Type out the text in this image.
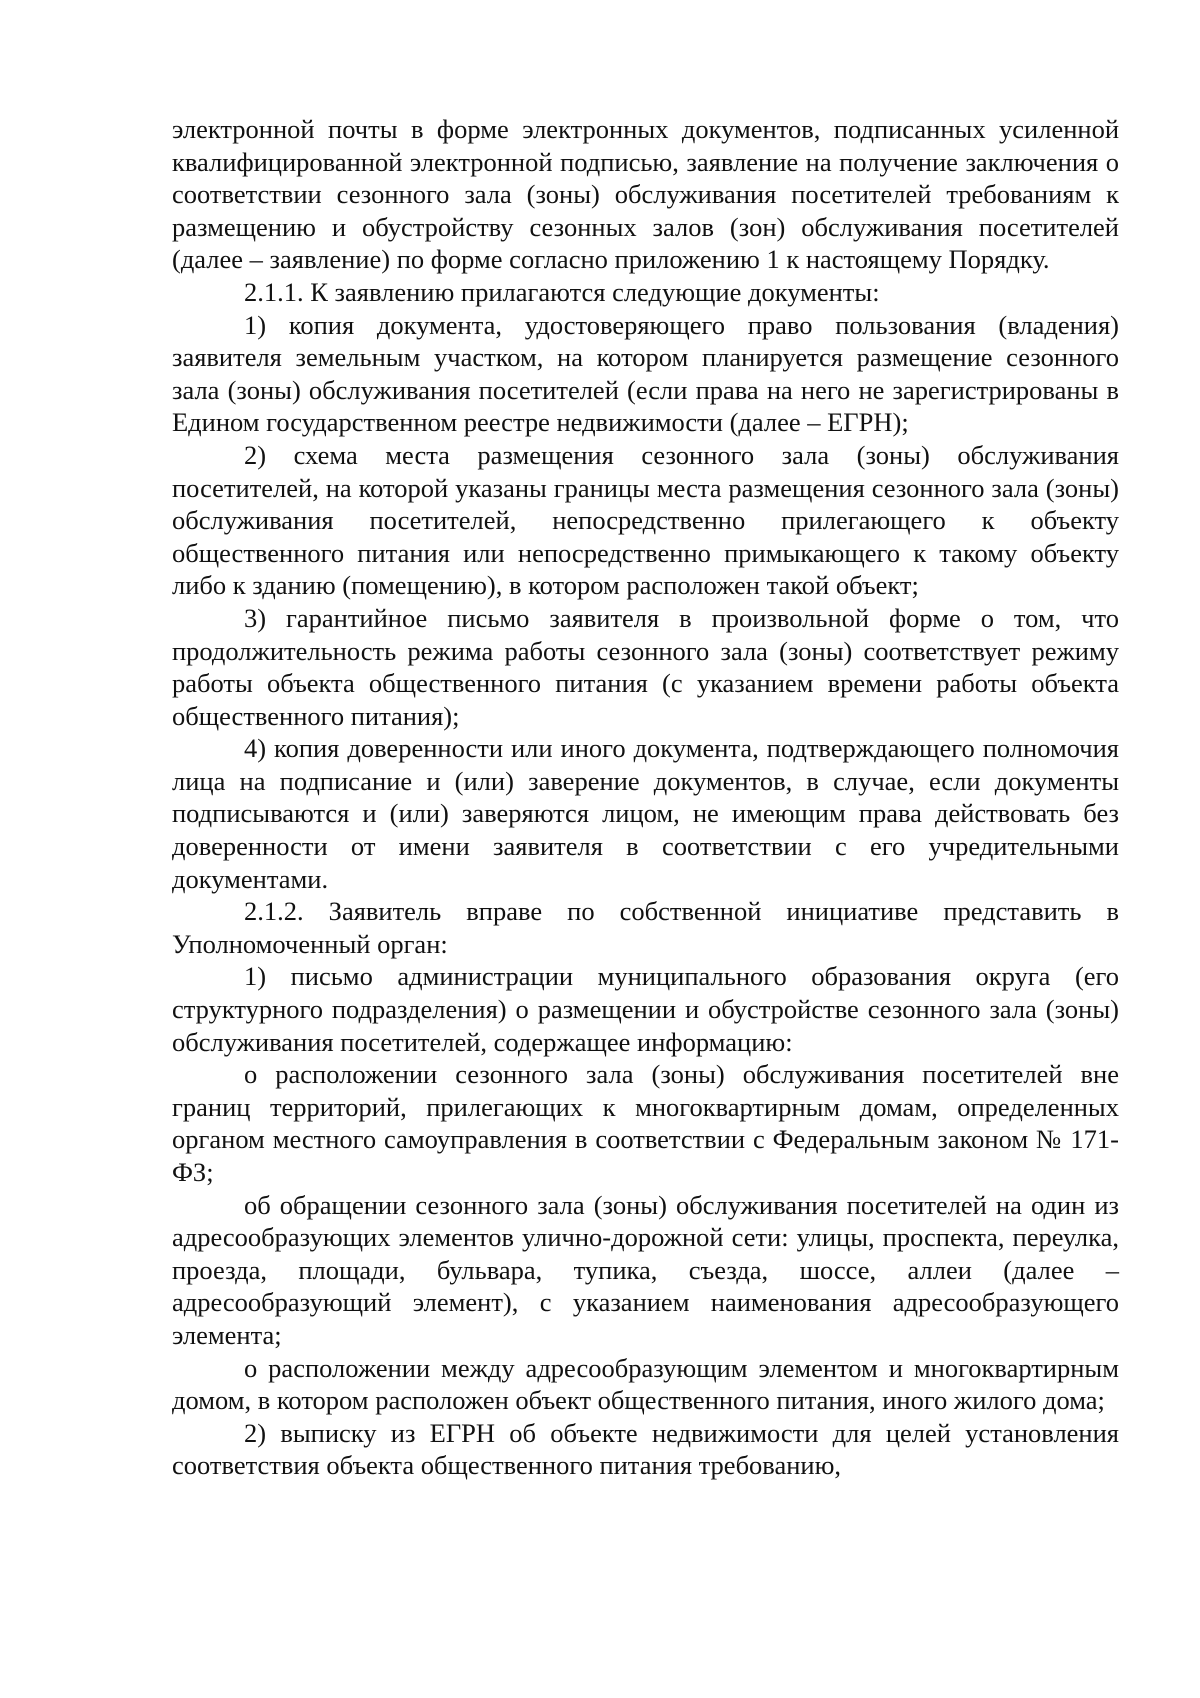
электронной почты в форме электронных документов, подписанных усиленной квалифицированной электронной подписью, заявление на получение заключения о соответствии сезонного зала (зоны) обслуживания посетителей требованиям к размещению и обустройству сезонных залов (зон) обслуживания посетителей (далее – заявление) по форме согласно приложению 1 к настоящему Порядку.

2.1.1. К заявлению прилагаются следующие документы:

1) копия документа, удостоверяющего право пользования (владения) заявителя земельным участком, на котором планируется размещение сезонного зала (зоны) обслуживания посетителей (если права на него не зарегистрированы в Едином государственном реестре недвижимости (далее – ЕГРН);

2) схема места размещения сезонного зала (зоны) обслуживания посетителей, на которой указаны границы места размещения сезонного зала (зоны) обслуживания посетителей, непосредственно прилегающего к объекту общественного питания или непосредственно примыкающего к такому объекту либо к зданию (помещению), в котором расположен такой объект;

3) гарантийное письмо заявителя в произвольной форме о том, что продолжительность режима работы сезонного зала (зоны) соответствует режиму работы объекта общественного питания (с указанием времени работы объекта общественного питания);

4) копия доверенности или иного документа, подтверждающего полномочия лица на подписание и (или) заверение документов, в случае, если документы подписываются и (или) заверяются лицом, не имеющим права действовать без доверенности от имени заявителя в соответствии с его учредительными документами.

2.1.2. Заявитель вправе по собственной инициативе представить в Уполномоченный орган:

1) письмо администрации муниципального образования округа (его структурного подразделения) о размещении и обустройстве сезонного зала (зоны) обслуживания посетителей, содержащее информацию:

о расположении сезонного зала (зоны) обслуживания посетителей вне границ территорий, прилегающих к многоквартирным домам, определенных органом местного самоуправления в соответствии с Федеральным законом № 171-ФЗ;

об обращении сезонного зала (зоны) обслуживания посетителей на один из адресообразующих элементов улично-дорожной сети: улицы, проспекта, переулка, проезда, площади, бульвара, тупика, съезда, шоссе, аллеи (далее – адресообразующий элемент), с указанием наименования адресообразующего элемента;

о расположении между адресообразующим элементом и многоквартирным домом, в котором расположен объект общественного питания, иного жилого дома;

2) выписку из ЕГРН об объекте недвижимости для целей установления соответствия объекта общественного питания требованию,
